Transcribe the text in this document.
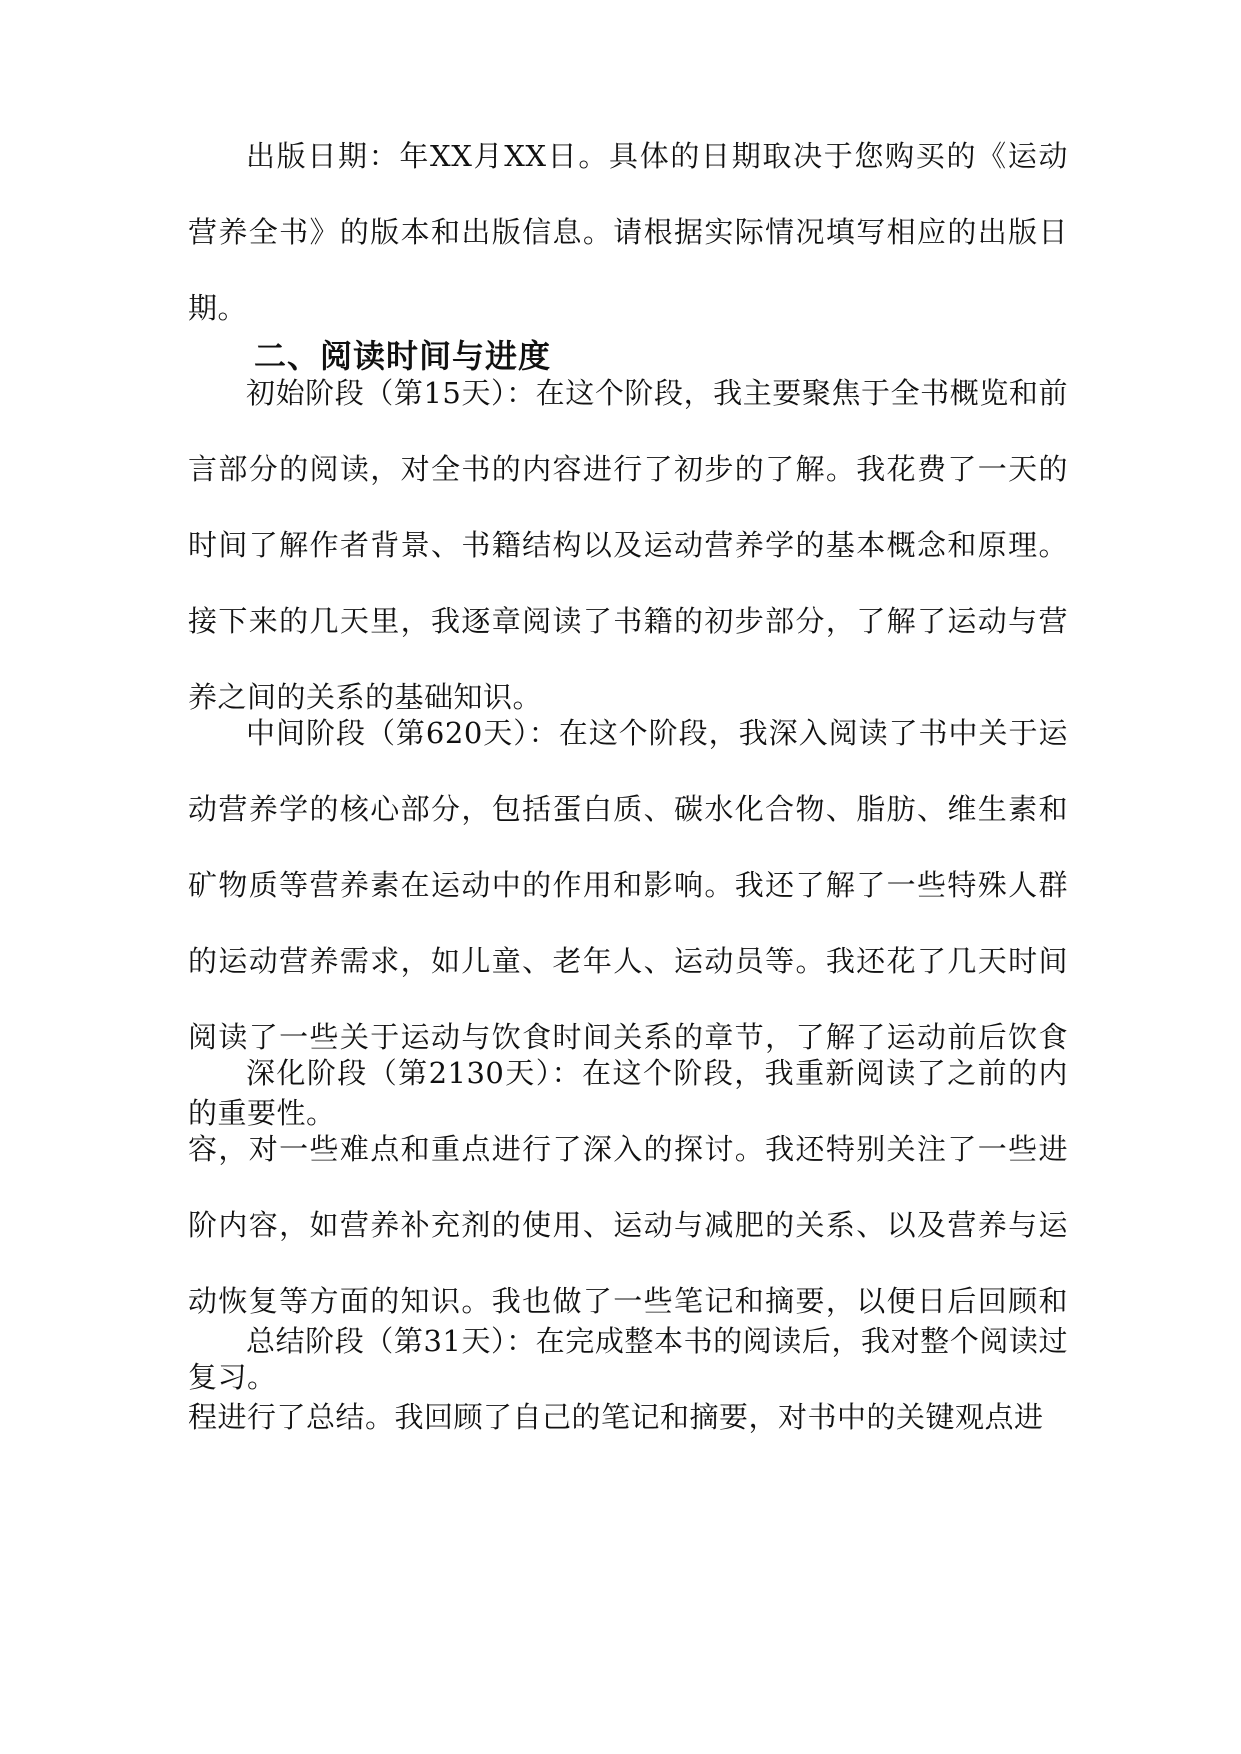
出版日期：年XX月XX日。具体的日期取决于您购买的《运动营养全书》的版本和出版信息。请根据实际情况填写相应的出版日期。

二、阅读时间与进度

初始阶段（第15天）：在这个阶段，我主要聚焦于全书概览和前言部分的阅读，对全书的内容进行了初步的了解。我花费了一天的时间了解作者背景、书籍结构以及运动营养学的基本概念和原理。接下来的几天里，我逐章阅读了书籍的初步部分，了解了运动与营养之间的关系的基础知识。

中间阶段（第620天）：在这个阶段，我深入阅读了书中关于运动营养学的核心部分，包括蛋白质、碳水化合物、脂肪、维生素和矿物质等营养素在运动中的作用和影响。我还了解了一些特殊人群的运动营养需求，如儿童、老年人、运动员等。我还花了几天时间阅读了一些关于运动与饮食时间关系的章节，了解了运动前后饮食的重要性。

深化阶段（第2130天）：在这个阶段，我重新阅读了之前的内容，对一些难点和重点进行了深入的探讨。我还特别关注了一些进阶内容，如营养补充剂的使用、运动与减肥的关系、以及营养与运动恢复等方面的知识。我也做了一些笔记和摘要，以便日后回顾和复习。

总结阶段（第31天）：在完成整本书的阅读后，我对整个阅读过程进行了总结。我回顾了自己的笔记和摘要，对书中的关键观点进
